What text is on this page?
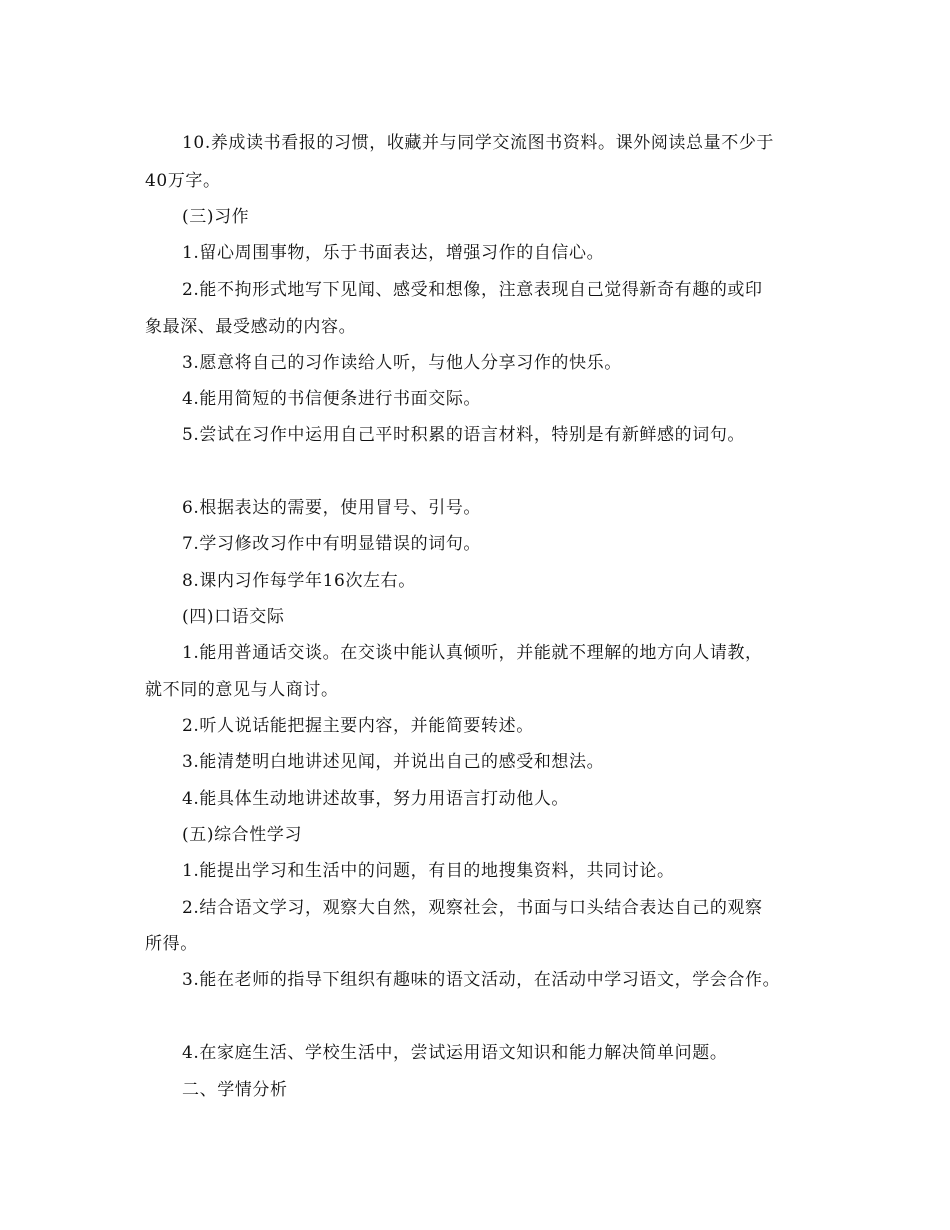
10.养成读书看报的习惯，收藏并与同学交流图书资料。课外阅读总量不少于
40万字。
(三)习作
1.留心周围事物，乐于书面表达，增强习作的自信心。
2.能不拘形式地写下见闻、感受和想像，注意表现自己觉得新奇有趣的或印
象最深、最受感动的内容。
3.愿意将自己的习作读给人听，与他人分享习作的快乐。
4.能用简短的书信便条进行书面交际。
5.尝试在习作中运用自己平时积累的语言材料，特别是有新鲜感的词句。
6.根据表达的需要，使用冒号、引号。
7.学习修改习作中有明显错误的词句。
8.课内习作每学年16次左右。
(四)口语交际
1.能用普通话交谈。在交谈中能认真倾听，并能就不理解的地方向人请教，
就不同的意见与人商讨。
2.听人说话能把握主要内容，并能简要转述。
3.能清楚明白地讲述见闻，并说出自己的感受和想法。
4.能具体生动地讲述故事，努力用语言打动他人。
(五)综合性学习
1.能提出学习和生活中的问题，有目的地搜集资料，共同讨论。
2.结合语文学习，观察大自然，观察社会，书面与口头结合表达自己的观察
所得。
3.能在老师的指导下组织有趣味的语文活动，在活动中学习语文，学会合作。
4.在家庭生活、学校生活中，尝试运用语文知识和能力解决简单问题。
二、学情分析
